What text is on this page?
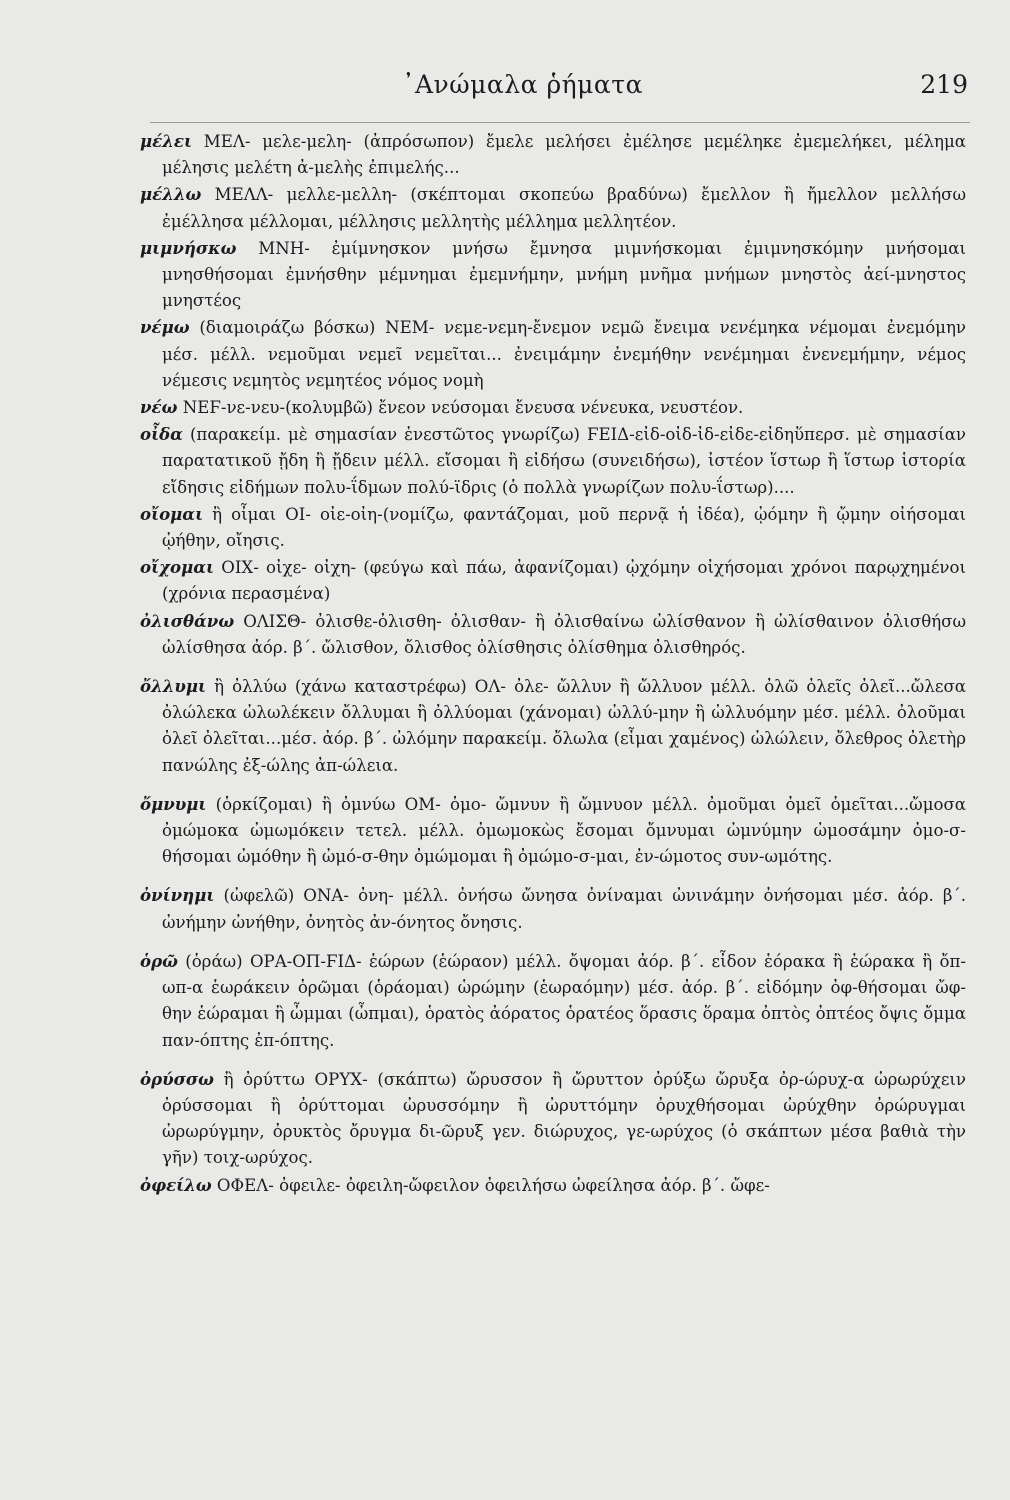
᾿Ανώμαλα ῥήματα	219

μέλει ΜΕΛ- μελε-μελη- (ἀπρόσωπον) ἔμελε μελήσει ἐμέλησε μεμέληκε ἐμεμελήκει, μέλημα μέλησις μελέτη ἀ-μελὴς ἐπιμελής...

μέλλω ΜΕΛΛ- μελλε-μελλη- (σκέπτομαι σκοπεύω βραδύνω) ἔμελλον ἢ ἤμελλον μελλήσω ἐμέλλησα μέλλομαι, μέλλησις μελλητὴς μέλλημα μελλητέον.

μιμνήσκω ΜΝΗ- ἐμίμνησκον μνήσω ἔμνησα μιμνήσκομαι ἐμιμνησκόμην μνήσομαι μνησθήσομαι ἐμνήσθην μέμνημαι ἐμεμνήμην, μνήμη μνῆμα μνήμων μνηστὸς ἀεί-μνηστος μνηστέος

νέμω (διαμοιράζω βόσκω) ΝΕΜ- νεμε-νεμη-ἔνεμον νεμῶ ἔνειμα νενέμηκα νέμομαι ἐνεμόμην μέσ. μέλλ. νεμοῦμαι νεμεῖ νεμεῖται... ἐνειμάμην ἐνεμήθην νενέμημαι ἐνενεμήμην, νέμος νέμεσις νεμητὸς νεμητέος νόμος νομὴ

νέω ΝΕϜ-νε-νευ-(κολυμβῶ) ἔνεον νεύσομαι ἔνευσα νένευκα, νευστέον.

οἶδα (παρακείμ. μὲ σημασίαν ἐνεστῶτος γνωρίζω) ϜΕΙΔ-εἰδ-οἰδ-ἰδ-εἰδε-εἰδηὕπερσ. μὲ σημασίαν παρατατικοῦ ᾔδη ἢ ᾔδειν μέλλ. εἴσομαι ἢ εἰδήσω (συνειδήσω), ἰστέον ἵστωρ ἢ ἵστωρ ἱστορία εἴδησις εἰδήμων πολυ-ΐδμων πολύ-ϊδρις (ὁ πολλὰ γνωρίζων πολυ-ΐστωρ)....

οἴομαι ἢ οἶμαι ΟΙ- οἰε-οἰη-(νομίζω, φαντάζομαι, μοῦ περνᾷ ἡ ἰδέα), ᾠόμην ἢ ᾤμην οἰήσομαι ᾠήθην, οἴησις.

οἴχομαι ΟΙΧ- οἰχε- οἰχη- (φεύγω καὶ πάω, ἀφανίζομαι) ᾠχόμην οἰχήσομαι χρόνοι παρῳχημένοι (χρόνια περασμένα)

ὀλισθάνω ΟΛΙΣΘ- ὀλισθε-ὀλισθη- ὀλισθαν- ἢ ὀλισθαίνω ὠλίσθανον ἢ ὠλίσθαινον ὀλισθήσω ὠλίσθησα ἀόρ. β΄. ὤλισθον, ὄλισθος ὀλίσθησις ὀλίσθημα ὀλισθηρός.

ὄλλυμι ἢ ὀλλύω (χάνω καταστρέφω) ΟΛ- ὀλε- ὤλλυν ἢ ὤλλυον μέλλ. ὀλῶ ὀλεῖς ὀλεῖ...ὤλεσα ὀλώλεκα ὠλωλέκειν ὄλλυμαι ἢ ὀλλύομαι (χάνομαι) ὠλλύ-μην ἢ ὠλλυόμην μέσ. μέλλ. ὀλοῦμαι ὀλεῖ ὀλεῖται...μέσ. ἀόρ. β΄. ὠλόμην παρακείμ. ὄλωλα (εἶμαι χαμένος) ὠλώλειν, ὄλεθρος ὀλετὴρ πανώλης ἐξ-ώλης ἀπ-ώλεια.

ὄμνυμι (ὁρκίζομαι) ἢ ὀμνύω ΟΜ- ὀμο- ὤμνυν ἢ ὤμνυον μέλλ. ὀμοῦμαι ὀμεῖ ὀμεῖται...ὤμοσα ὀμώμοκα ὠμωμόκειν τετελ. μέλλ. ὀμωμοκὼς ἔσομαι ὄμνυμαι ὠμνύμην ὠμοσάμην ὀμο-σ-θήσομαι ὠμόθην ἢ ὠμό-σ-θην ὀμώμομαι ἢ ὀμώμο-σ-μαι, ἐν-ώμοτος συν-ωμότης.

ὀνίνημι (ὠφελῶ) ΟΝΑ- ὀνη- μέλλ. ὀνήσω ὤνησα ὀνίναμαι ὠνινάμην ὀνήσομαι μέσ. ἀόρ. β΄. ὠνήμην ὠνήθην, ὀνητὸς ἀν-όνητος ὄνησις.

ὁρῶ (ὁράω) ΟΡΑ-ΟΠ-ϜΙΔ- ἑώρων (ἑώραον) μέλλ. ὄψομαι ἀόρ. β΄. εἶδον ἑόρακα ἢ ἑώρακα ἢ ὄπ-ωπ-α ἑωράκειν ὁρῶμαι (ὁράομαι) ὡρώμην (ἑωραόμην) μέσ. ἀόρ. β΄. εἰδόμην ὀφ-θήσομαι ὤφ-θην ἑώραμαι ἢ ὦμμαι (ὦπμαι), ὁρατὸς ἀόρατος ὁρατέος ὅρασις ὅραμα ὀπτὸς ὀπτέος ὄψις ὄμμα παν-όπτης ἐπ-όπτης.

ὀρύσσω ἢ ὀρύττω ΟΡΥΧ- (σκάπτω) ὤρυσσον ἢ ὤρυττον ὀρύξω ὤρυξα ὀρ-ώρυχ-α ὠρωρύχειν ὀρύσσομαι ἢ ὀρύττομαι ὠρυσσόμην ἢ ὠρυττόμην ὀρυχθήσομαι ὠρύχθην ὀρώρυγμαι ὠρωρύγμην, ὀρυκτὸς ὄρυγμα δι-ῶρυξ γεν. διώρυχος, γε-ωρύχος (ὁ σκάπτων μέσα βαθιὰ τὴν γῆν) τοιχ-ωρύχος.

ὀφείλω ΟΦΕΛ- ὀφειλε- ὀφειλη-ὤφειλον ὀφειλήσω ὠφείλησα ἀόρ. β΄. ὤφε-
